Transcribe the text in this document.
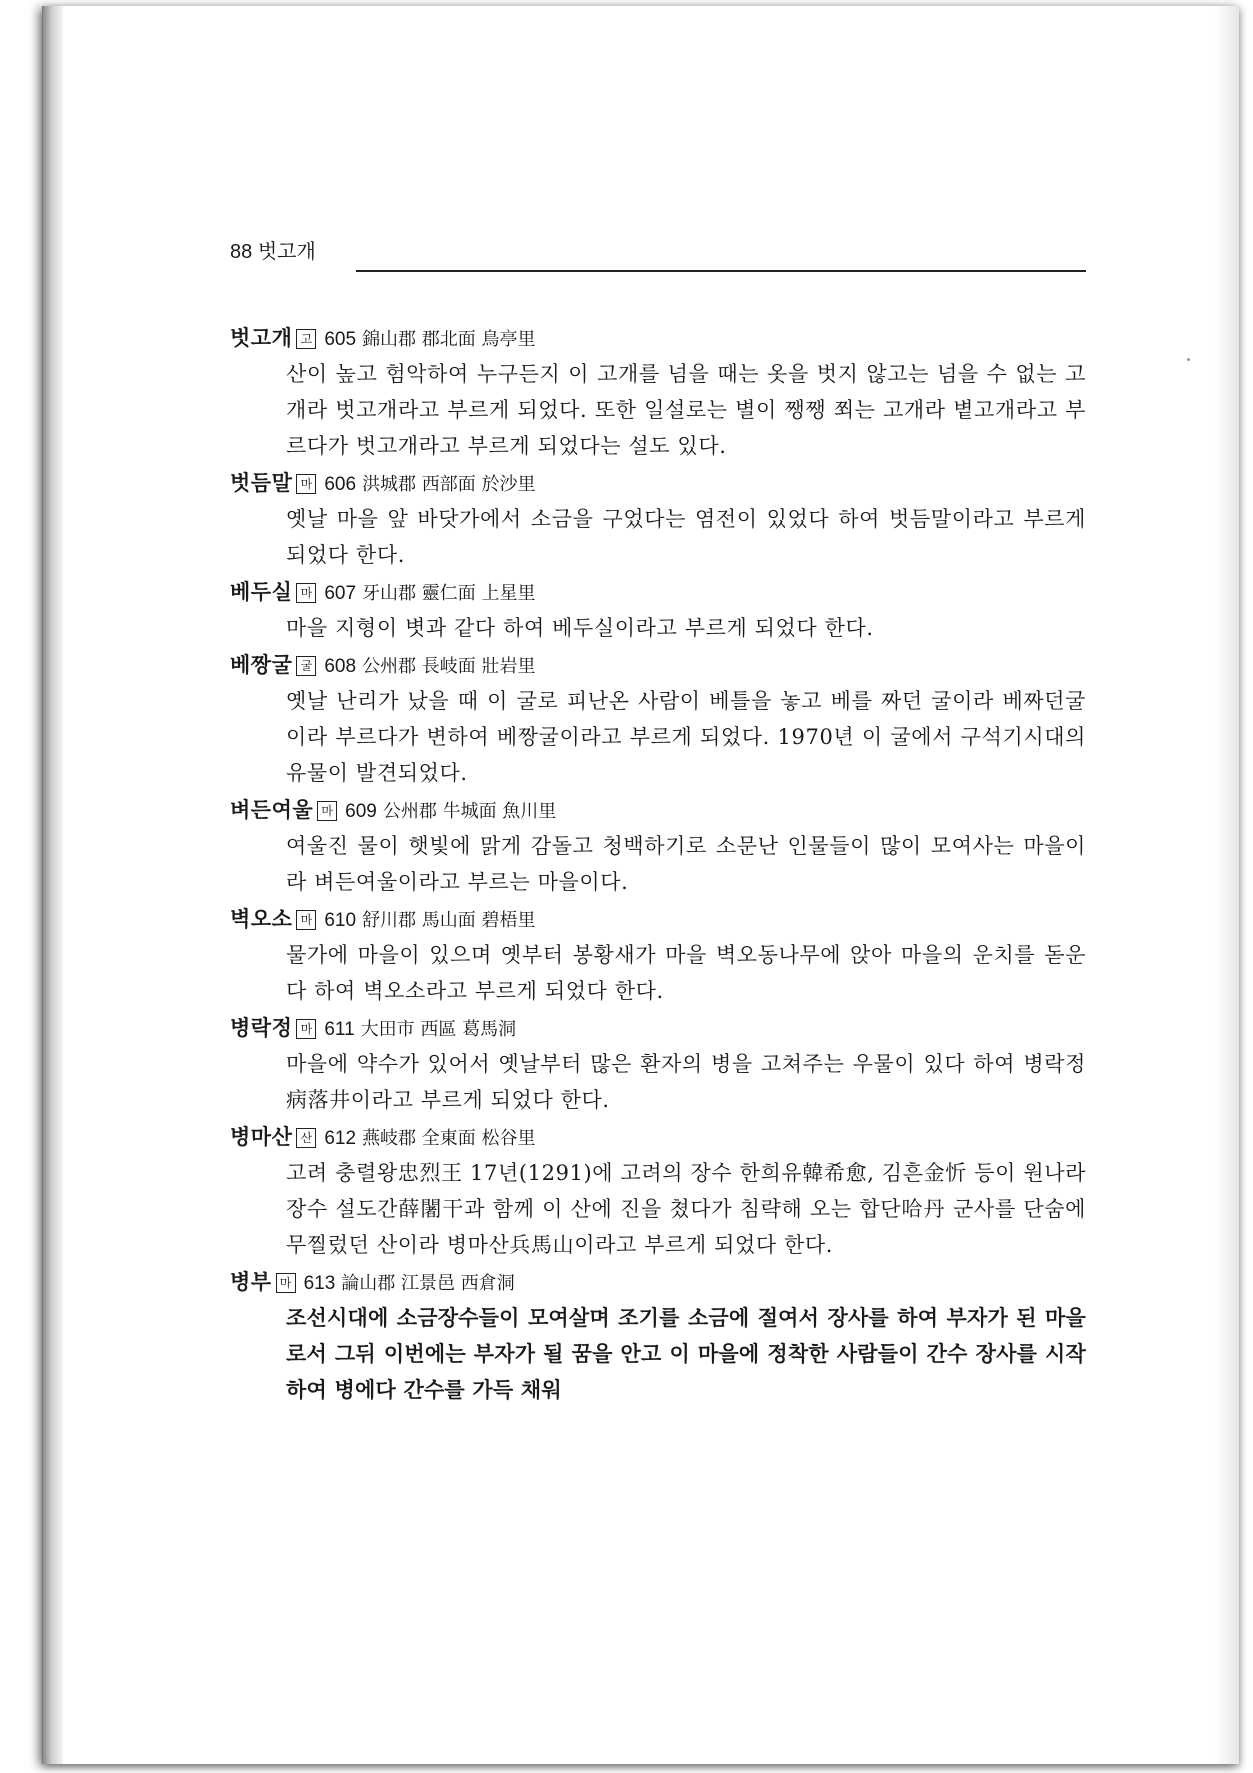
88 벗고개
벗고개 고 605 錦山郡 郡北面 鳥亭里
산이 높고 험악하여 누구든지 이 고개를 넘을 때는 옷을 벗지 않고는 넘을 수 없는 고개라 벗고개라고 부르게 되었다. 또한 일설로는 별이 쨍쨍 쬐는 고개라 볕고개라고 부르다가 벗고개라고 부르게 되었다는 설도 있다.
벗듬말 마 606 洪城郡 西部面 於沙里
옛날 마을 앞 바닷가에서 소금을 구었다는 염전이 있었다 하여 벗듬말이라고 부르게 되었다 한다.
베두실 마 607 牙山郡 靈仁面 上星里
마을 지형이 볏과 같다 하여 베두실이라고 부르게 되었다 한다.
베짱굴 굴 608 公州郡 長岐面 壯岩里
옛날 난리가 났을 때 이 굴로 피난온 사람이 베틀을 놓고 베를 짜던 굴이라 베짜던굴이라 부르다가 변하여 베짱굴이라고 부르게 되었다. 1970년 이 굴에서 구석기시대의 유물이 발견되었다.
벼든여울 마 609 公州郡 牛城面 魚川里
여울진 물이 햇빛에 맑게 감돌고 청백하기로 소문난 인물들이 많이 모여사는 마을이라 벼든여울이라고 부르는 마을이다.
벽오소 마 610 舒川郡 馬山面 碧梧里
물가에 마을이 있으며 옛부터 봉황새가 마을 벽오동나무에 앉아 마을의 운치를 돋운다 하여 벽오소라고 부르게 되었다 한다.
병락정 마 611 大田市 西區 葛馬洞
마을에 약수가 있어서 옛날부터 많은 환자의 병을 고쳐주는 우물이 있다 하여 병락정病落井이라고 부르게 되었다 한다.
병마산 산 612 燕岐郡 全東面 松谷里
고려 충렬왕忠烈王 17년(1291)에 고려의 장수 한희유韓希愈, 김흔金忻 등이 원나라 장수 설도간薛闍干과 함께 이 산에 진을 쳤다가 침략해 오는 합단哈丹 군사를 단숨에 무찔렀던 산이라 병마산兵馬山이라고 부르게 되었다 한다.
병부 마 613 論山郡 江景邑 西倉洞
조선시대에 소금장수들이 모여살며 조기를 소금에 절여서 장사를 하여 부자가 된 마을로서 그뒤 이번에는 부자가 될 꿈을 안고 이 마을에 정착한 사람들이 간수 장사를 시작하여 병에다 간수를 가득 채워
